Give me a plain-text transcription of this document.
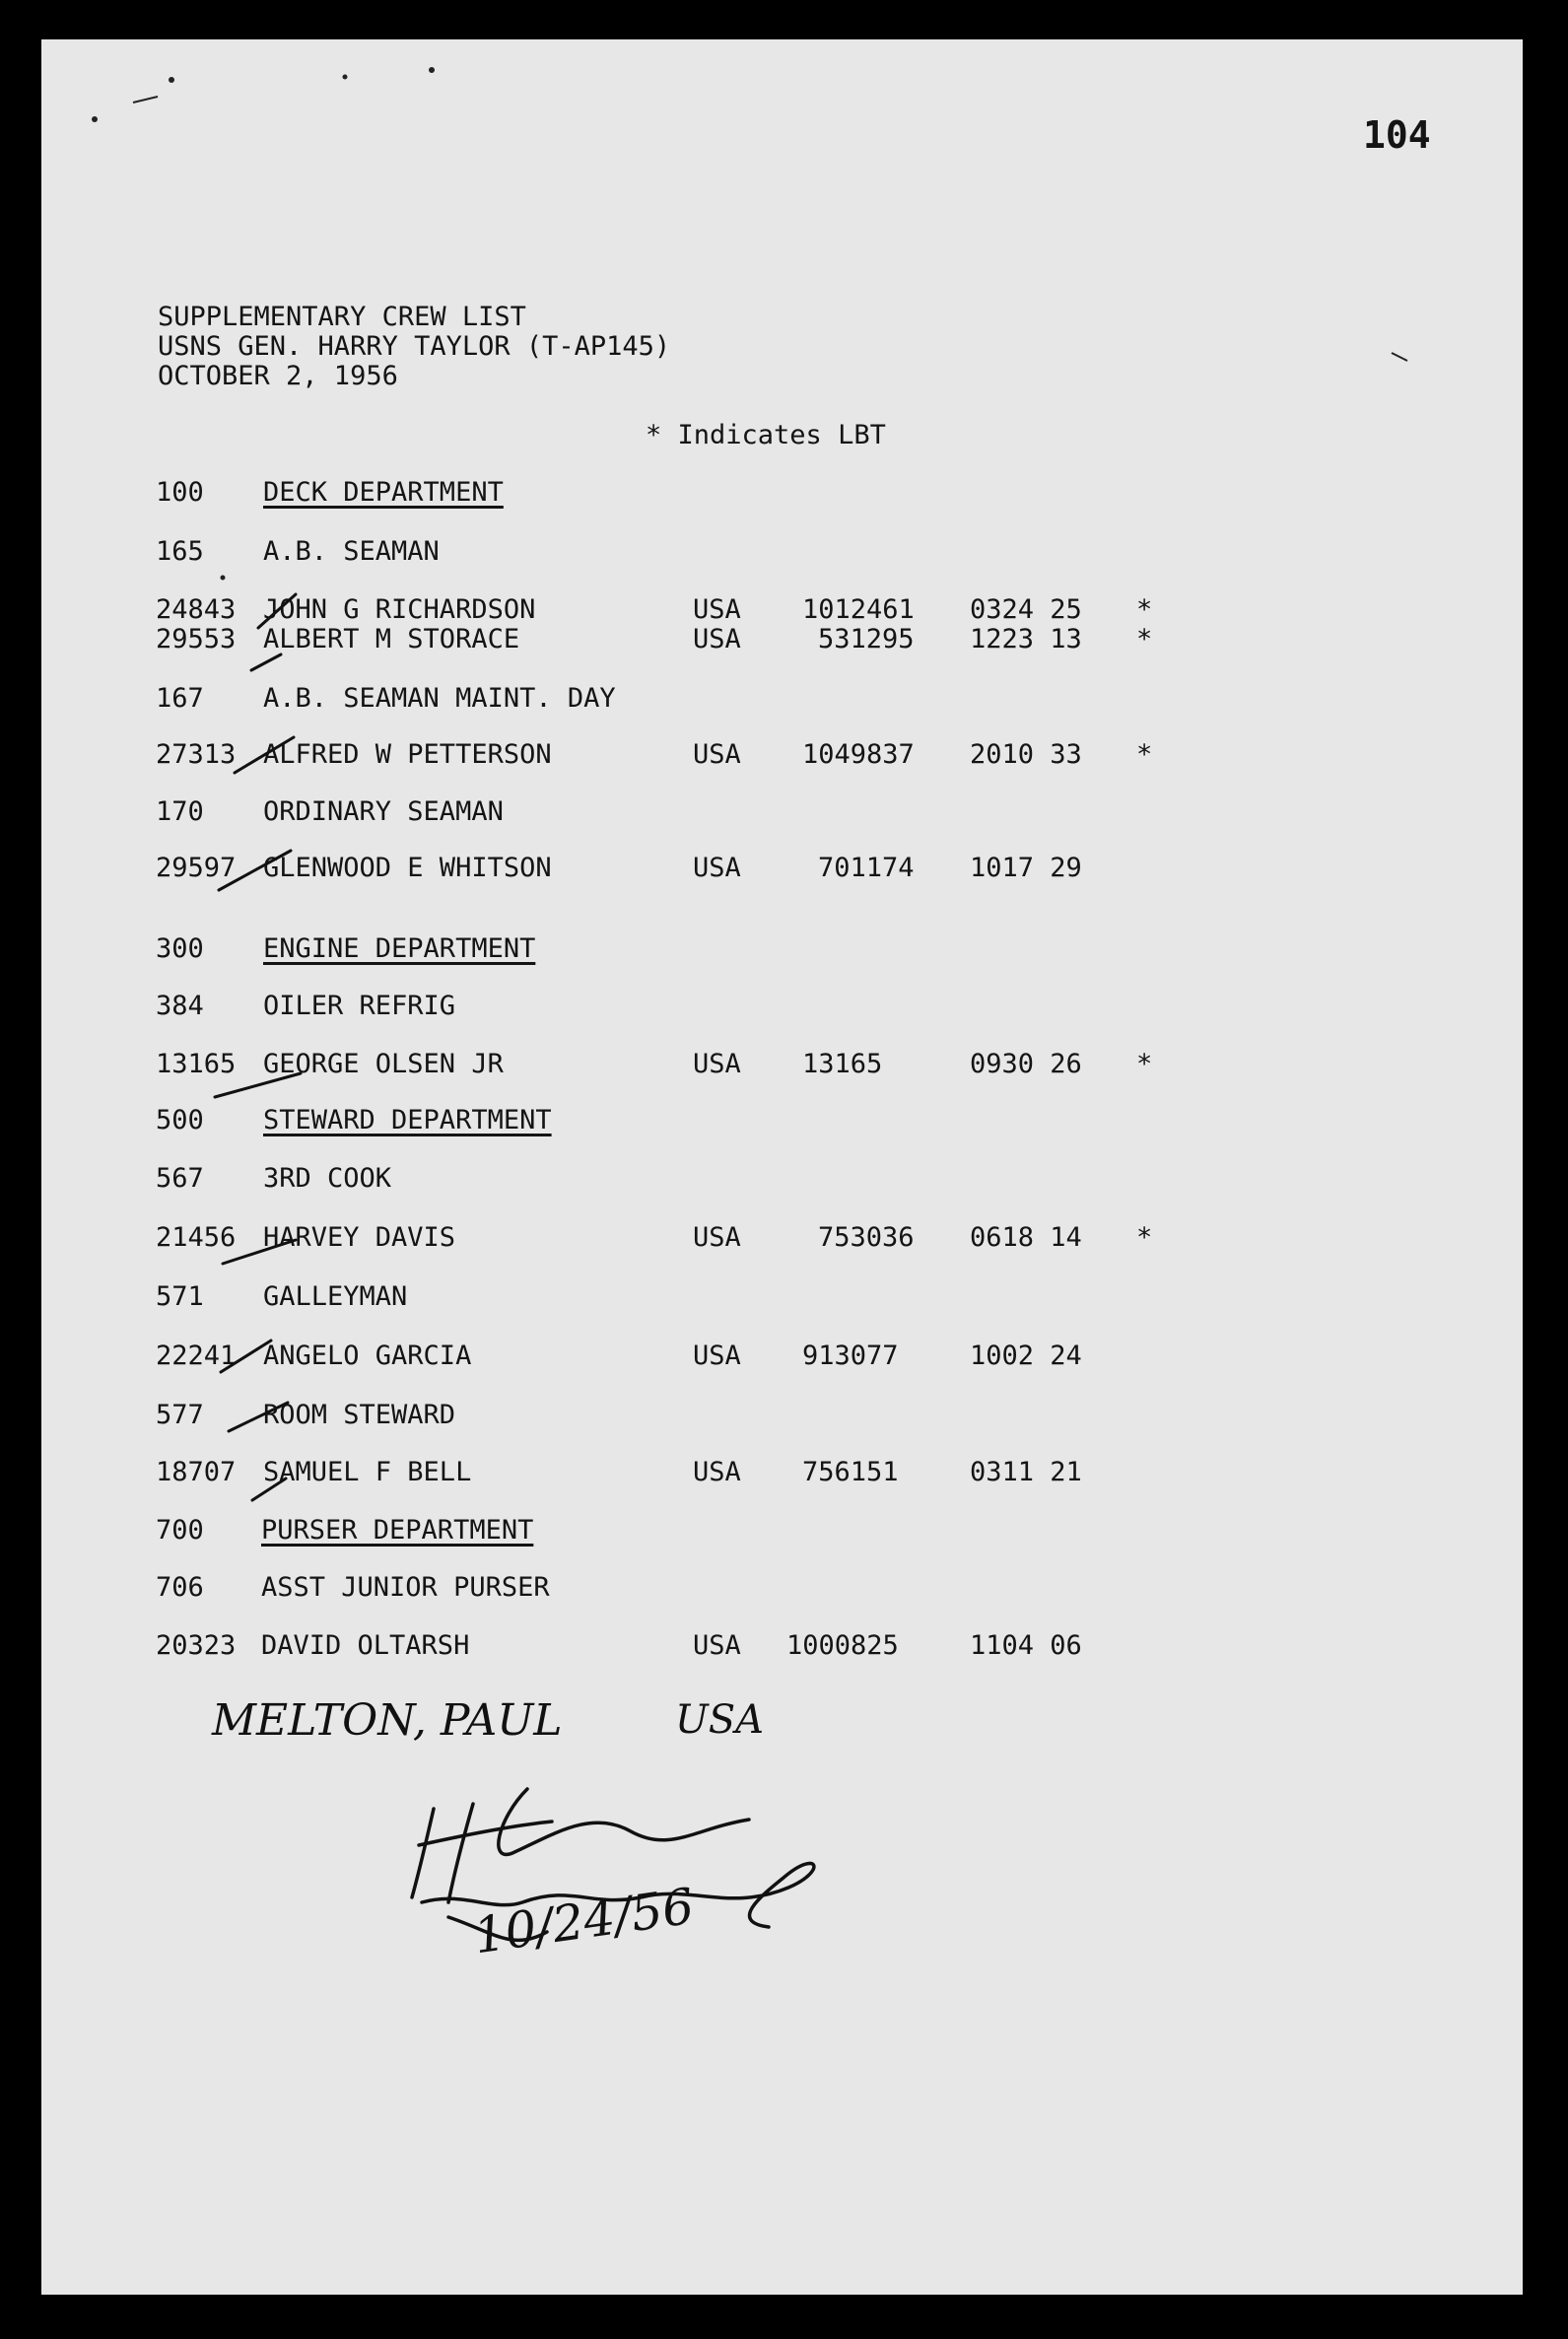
104
SUPPLEMENTARY CREW LIST
USNS GEN. HARRY TAYLOR (T-AP145)
OCTOBER 2, 1956
* Indicates LBT
100 DECK DEPARTMENT
165 A.B. SEAMAN
24843 JOHN G RICHARDSON	USA 1012461 0324 25 *
29553 ALBERT M STORACE	USA	531295 1223 13 *
167 A.B. SEAMAN MAINT. DAY
27313 ALFRED W PETTERSON	USA 1049837 2010 33 *
170 ORDINARY SEAMAN
29597 GLENWOOD E WHITSON	USA	701174 1017 29
300 ENGINE DEPARTMENT
384 OILER REFRIG
13165 GEORGE OLSEN JR	USA 13165	0930 26 *
500 STEWARD DEPARTMENT
567 3RD COOK
21456 HARVEY DAVIS	USA	753036 0618 14 *
571 GALLEYMAN
22241 ANGELO GARCIA	USA 913077	1002 24
577 ROOM STEWARD
18707 SAMUEL F BELL	USA 756151	0311 21
700 PURSER DEPARTMENT
706 ASST JUNIOR PURSER
20323 DAVID OLTARSH	USA 1000825	1104 06
MELTON, PAUL	USA
10/24/56
